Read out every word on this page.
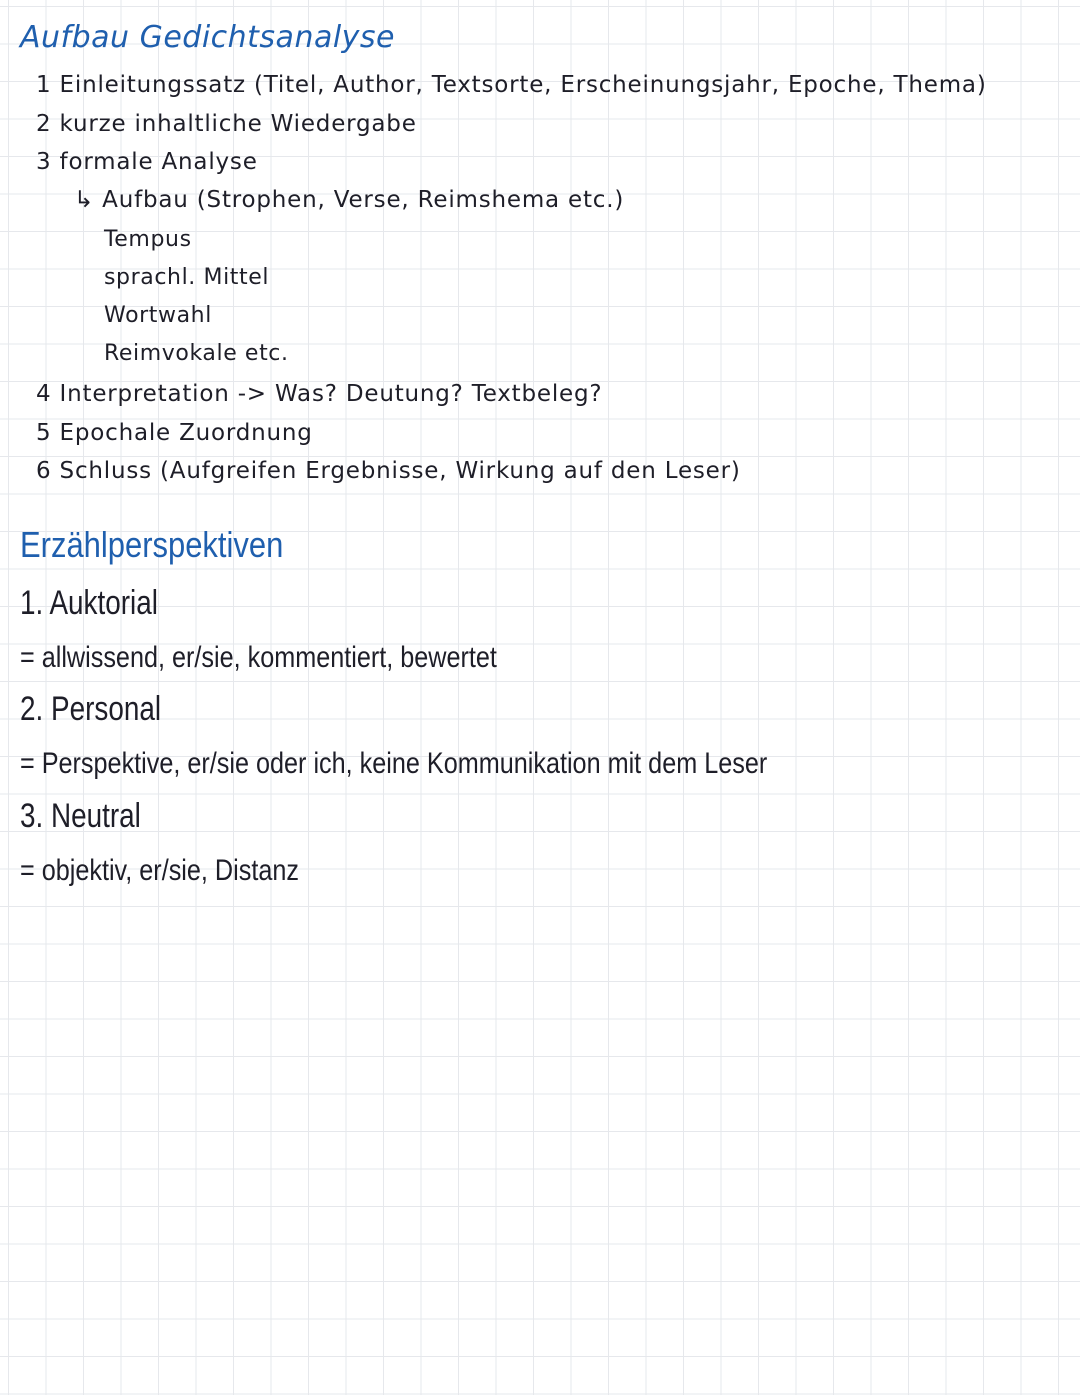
Aufbau Gedichtsanalyse
1 Einleitungssatz (Titel, Author, Textsorte, Erscheinungsjahr, Epoche, Thema)
2 kurze inhaltliche Wiedergabe
3 formale Analyse
↳ Aufbau (Strophen, Verse, Reimshema etc.)
Tempus
sprachl. Mittel
Wortwahl
Reimvokale etc.
4 Interpretation -> Was? Deutung? Textbeleg?
5 Epochale Zuordnung
6 Schluss (Aufgreifen Ergebnisse, Wirkung auf den Leser)
Erzählperspektiven
1. Auktorial
= allwissend, er/sie, kommentiert, bewertet
2. Personal
= Perspektive, er/sie oder ich, keine Kommunikation mit dem Leser
3. Neutral
= objektiv, er/sie, Distanz
